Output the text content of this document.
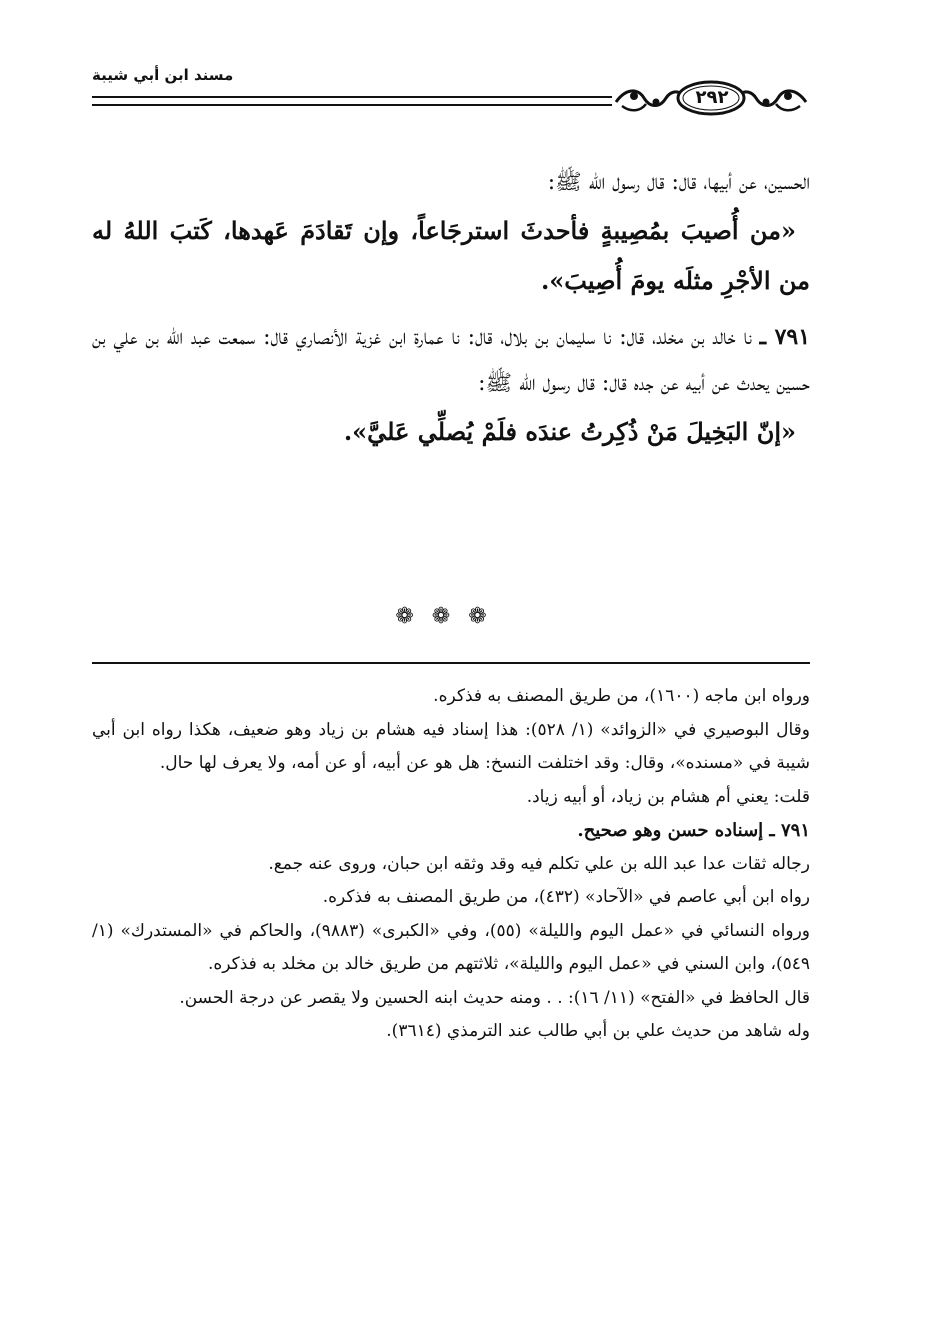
مسند ابن أبي شيبة
٢٩٢

الحسين، عن أبيها، قال: قال رسول الله ﷺ:

«من أُصيبَ بمُصِيبةٍ فأحدثَ استرجَاعاً، وإن تَقادَمَ عَهدها، كَتبَ اللهُ له من الأجْرِ مثلَه يومَ أُصِيبَ».

٧٩١ ـ نا خالد بن مخلد، قال: نا سليمان بن بلال، قال: نا عمارة ابن غزية الأنصاري قال: سمعت عبد الله بن علي بن حسين يحدث عن أبيه عن جده قال: قال رسول الله ﷺ:

«إنّ البَخِيلَ مَنْ ذُكِرتُ عندَه فلَمْ يُصلِّي عَليَّ».

❁❁❁

ورواه ابن ماجه (١٦٠٠)، من طريق المصنف به فذكره.

وقال البوصيري في «الزوائد» (١/ ٥٢٨): هذا إسناد فيه هشام بن زياد وهو ضعيف، هكذا رواه ابن أبي شيبة في «مسنده»، وقال: وقد اختلفت النسخ: هل هو عن أبيه، أو عن أمه، ولا يعرف لها حال.

قلت: يعني أم هشام بن زياد، أو أبيه زياد.

٧٩١ ـ إسناده حسن وهو صحيح.

رجاله ثقات عدا عبد الله بن علي تكلم فيه وقد وثقه ابن حبان، وروى عنه جمع.

رواه ابن أبي عاصم في «الآحاد» (٤٣٢)، من طريق المصنف به فذكره.

ورواه النسائي في «عمل اليوم والليلة» (٥٥)، وفي «الكبرى» (٩٨٨٣)، والحاكم في «المستدرك» (١/ ٥٤٩)، وابن السني في «عمل اليوم والليلة»، ثلاثتهم من طريق خالد بن مخلد به فذكره.

قال الحافظ في «الفتح» (١١/ ١٦): . . ومنه حديث ابنه الحسين ولا يقصر عن درجة الحسن.

وله شاهد من حديث علي بن أبي طالب عند الترمذي (٣٦١٤).
